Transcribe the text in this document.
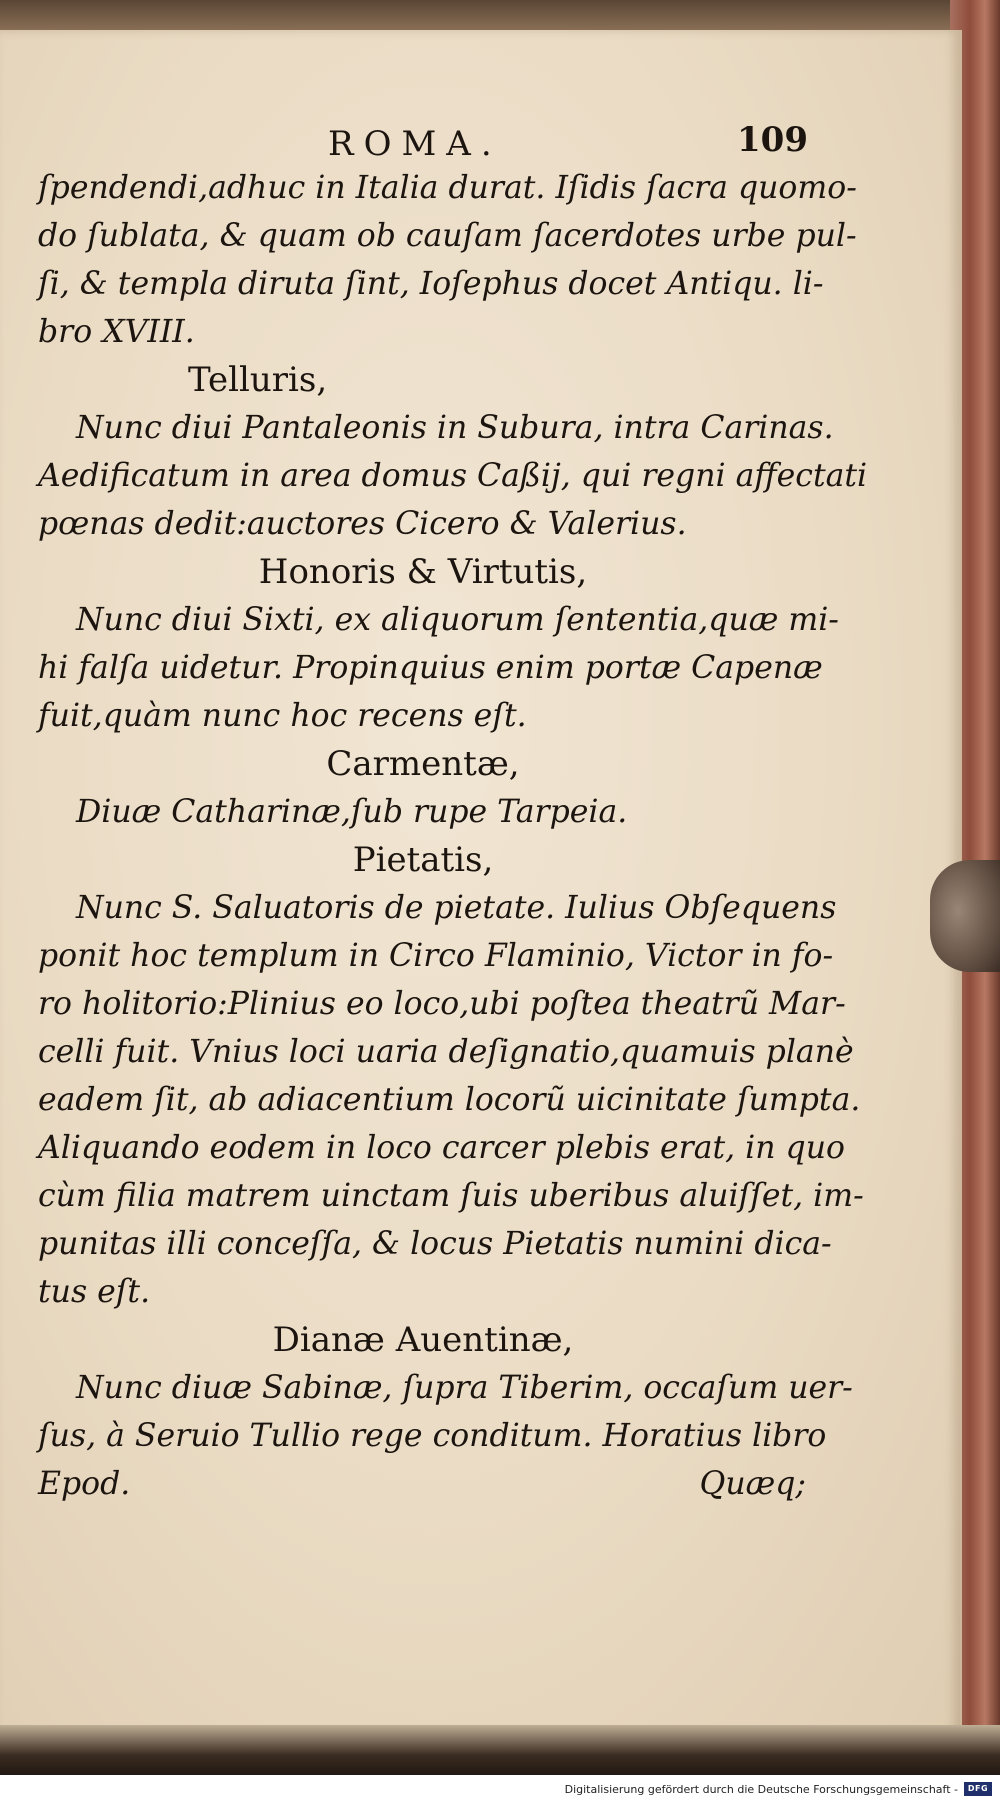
ROMA.	109
ſpendendi,adhuc in Italia durat. Iſidis ſacra quomo-
do ſublata, & quam ob cauſam ſacerdotes urbe pul-
ſi, & templa diruta ſint, Ioſephus docet Antiqu. li-
bro XVIII.
Telluris,
Nunc diui Pantaleonis in Subura, intra Carinas.
Aedificatum in area domus Caßij, qui regni affectati
pœnas dedit:auctores Cicero & Valerius.
Honoris & Virtutis,
Nunc diui Sixti, ex aliquorum ſententia,quæ mi-
hi falſa uidetur. Propinquius enim portæ Capenæ
fuit,quàm nunc hoc recens eſt.
Carmentæ,
Diuæ Catharinæ,ſub rupe Tarpeia.
Pietatis,
Nunc S. Saluatoris de pietate. Iulius Obſequens
ponit hoc templum in Circo Flaminio, Victor in fo-
ro holitorio:Plinius eo loco,ubi poſtea theatrũ Mar-
celli fuit. Vnius loci uaria deſignatio,quamuis planè
eadem ſit, ab adiacentium locorũ uicinitate ſumpta.
Aliquando eodem in loco carcer plebis erat, in quo
cùm filia matrem uinctam ſuis uberibus aluiſſet, im-
punitas illi conceſſa, & locus Pietatis numini dica-
tus eſt.
Dianæ Auentinæ,
Nunc diuæ Sabinæ, ſupra Tiberim, occaſum uer-
ſus, à Seruio Tullio rege conditum. Horatius libro
Epod.	Quæq;
Digitalisierung gefördert durch die Deutsche Forschungsgemeinschaft -	DFG
